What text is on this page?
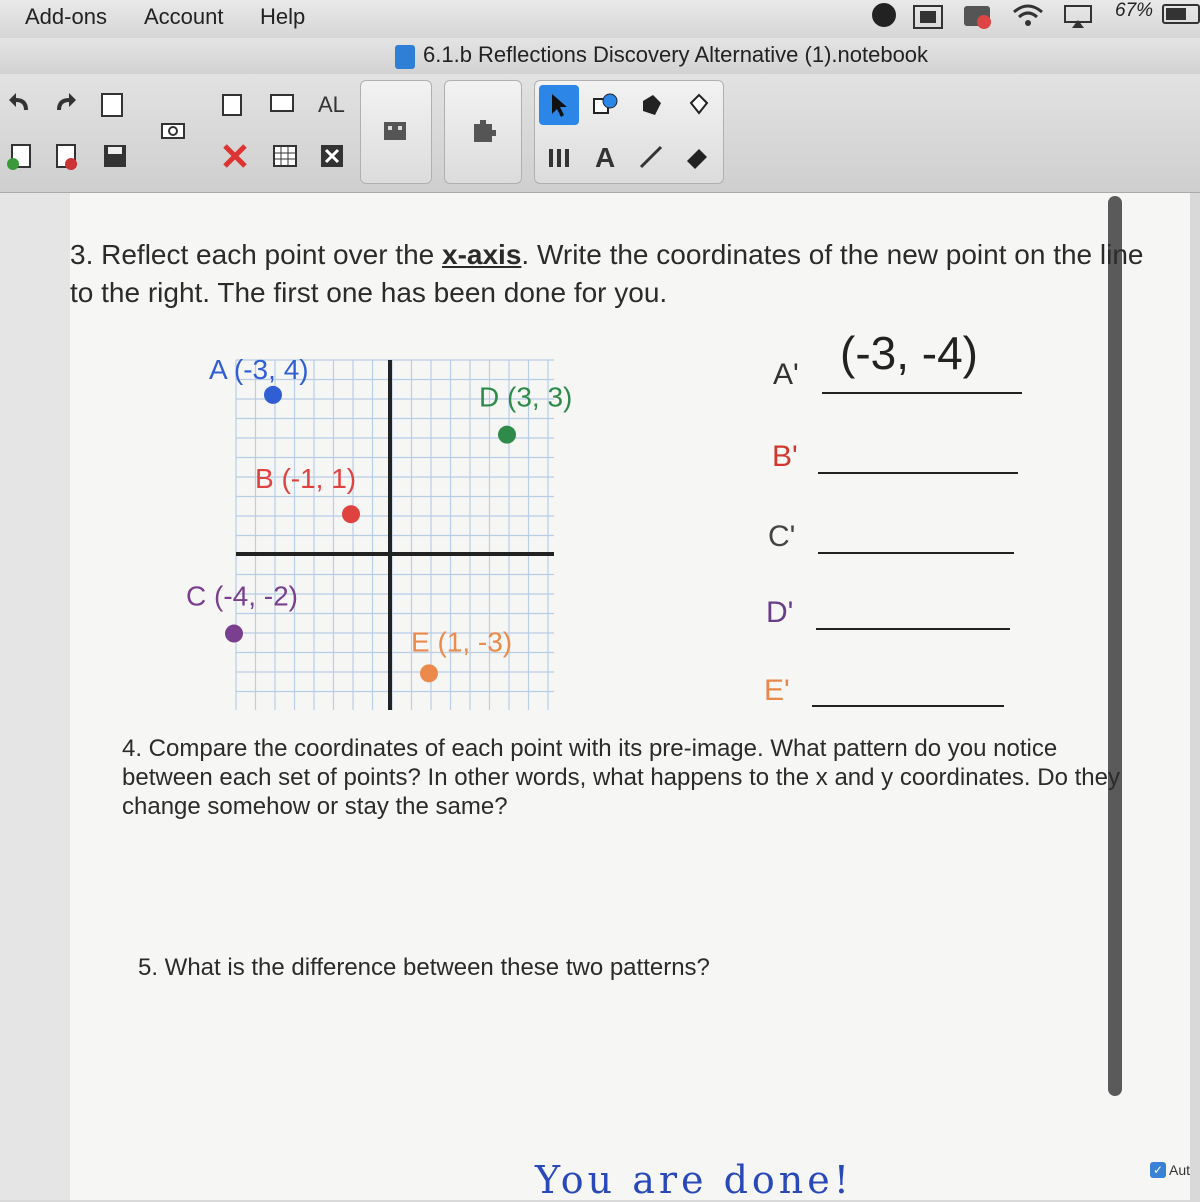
Add-ons Account Help	67%
6.1.b Reflections Discovery Alternative (1).notebook
AL
A
3. Reflect each point over the x-axis. Write the coordinates of the new point on the line to the right. The first one has been done for you.
A (-3, 4)
B (-1, 1)
C (-4, -2)
D (3, 3)
E (1, -3)
A' (-3, -4)
B'
C'
D'
E'
4. Compare the coordinates of each point with its pre-image. What pattern do you notice between each set of points? In other words, what happens to the x and y coordinates. Do they change somehow or stay the same?
5. What is the difference between these two patterns?
You are done!	✓ Aut
